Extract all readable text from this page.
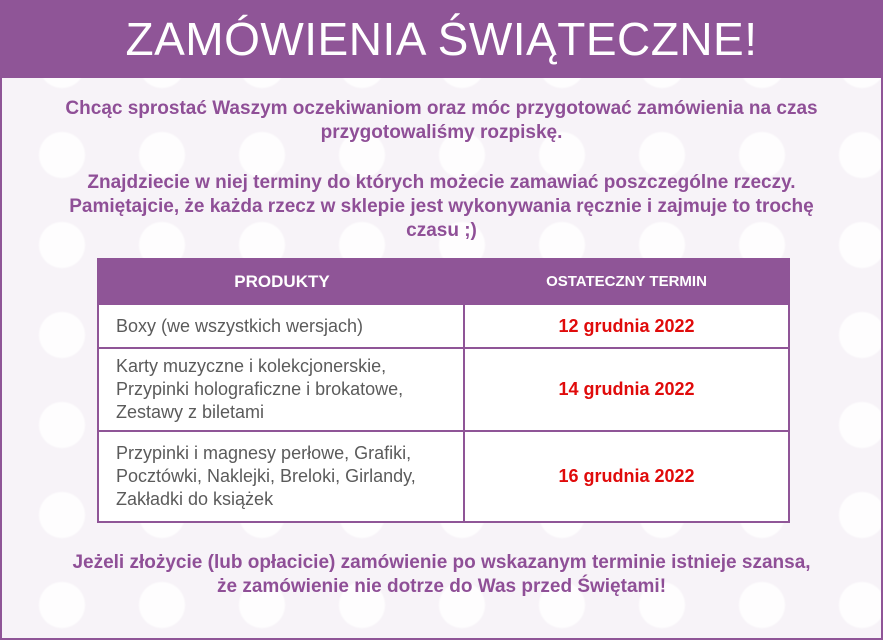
ZAMÓWIENIA ŚWIĄTECZNE!
Chcąc sprostać Waszym oczekiwaniom oraz móc przygotować zamówienia na czas
przygotowaliśmy rozpiskę.
Znajdziecie w niej terminy do których możecie zamawiać poszczególne rzeczy.
Pamiętajcie, że każda rzecz w sklepie jest wykonywania ręcznie i zajmuje to trochę
czasu ;)
PRODUKTY	OSTATECZNY TERMIN
Boxy (we wszystkich wersjach)	12 grudnia 2022
Karty muzyczne i kolekcjonerskie,
Przypinki holograficzne i brokatowe,
Zestawy z biletami
14 grudnia 2022
Przypinki i magnesy perłowe, Grafiki,
Pocztówki, Naklejki, Breloki, Girlandy,
Zakładki do książek
16 grudnia 2022
Jeżeli złożycie (lub opłacicie) zamówienie po wskazanym terminie istnieje szansa,
że zamówienie nie dotrze do Was przed Świętami!
